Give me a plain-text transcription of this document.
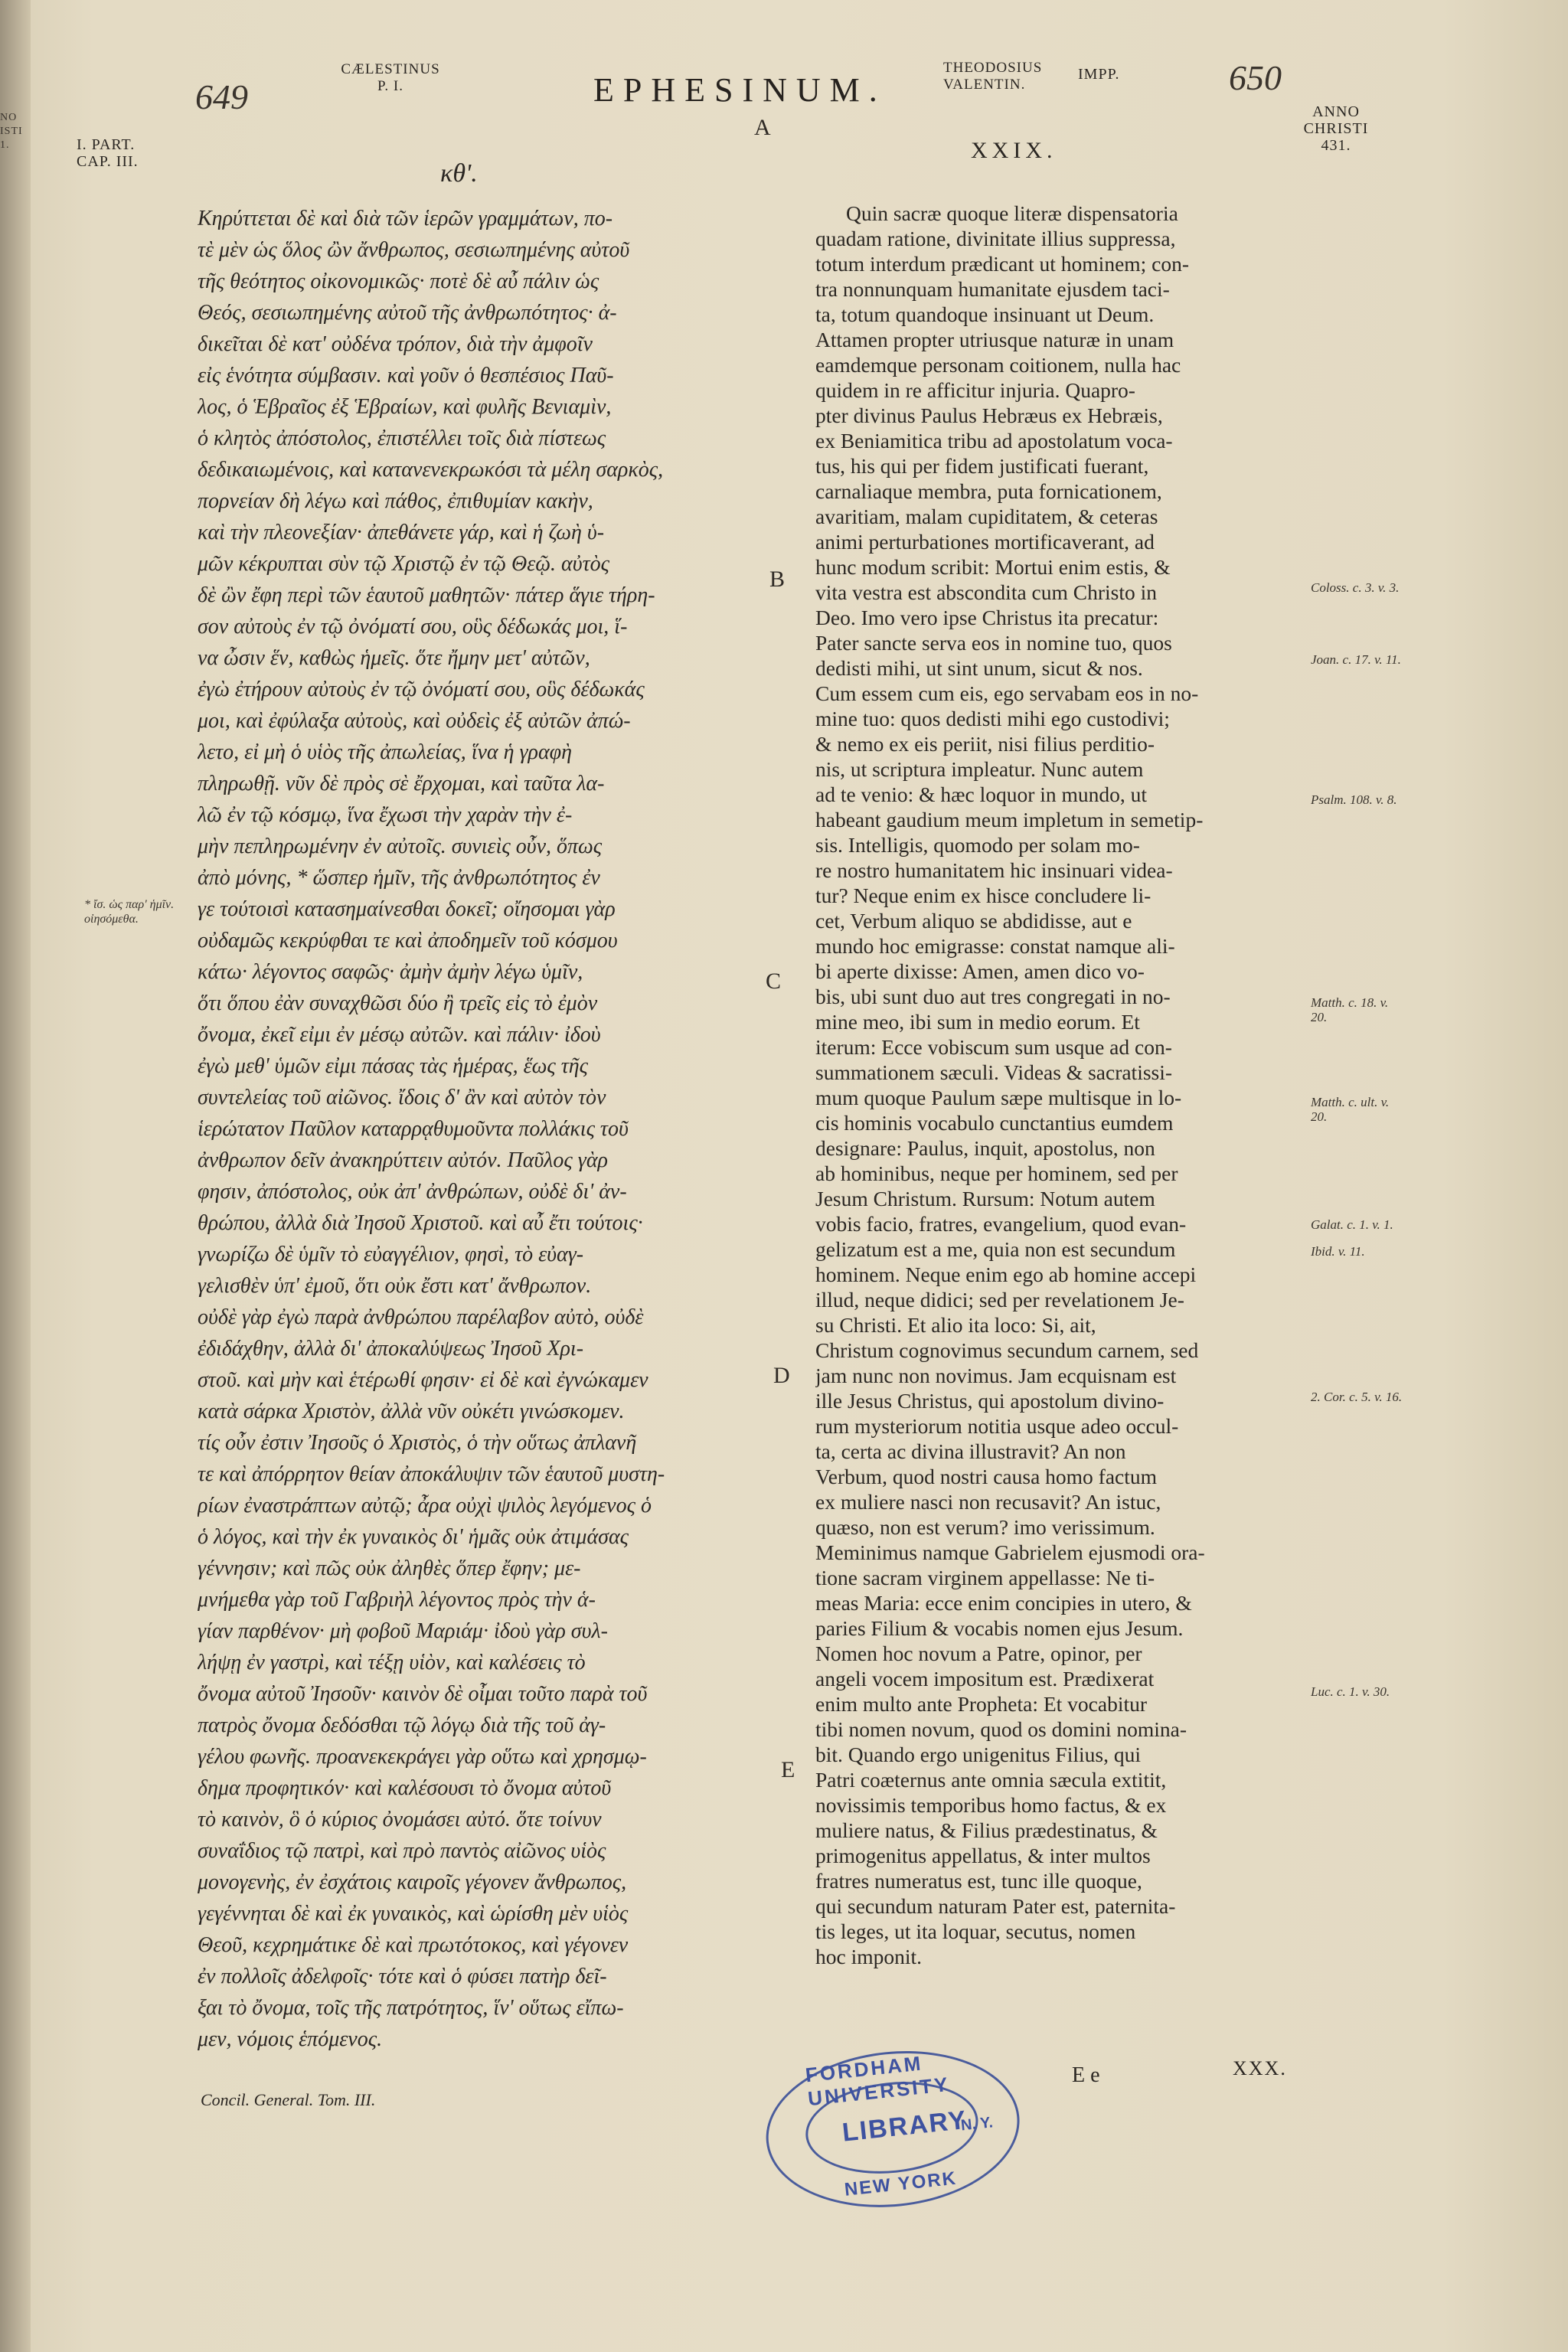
NO
ISTI
1.
649
CÆLESTINUS
P. I.	EPHESINUM.
THEODOSIUS
VALENTIN.
IMPP.	650
I. PART.
CAP. III.
ANNO
CHRISTI
431.
A
B
C
D
E
κθ'.
* ἴσ. ὡς παρ' ἡμῖν.
οἰησόμεθα.
Κηρύττεται δὲ καὶ διὰ τῶν ἱερῶν γραμμάτων, πο-
τὲ μὲν ὡς ὅλος ὢν ἄνθρωπος, σεσιωπημένης αὐτοῦ
τῆς θεότητος οἰκονομικῶς· ποτὲ δὲ αὖ πάλιν ὡς
Θεός, σεσιωπημένης αὐτοῦ τῆς ἀνθρωπότητος· ἀ-
δικεῖται δὲ κατ' οὐδένα τρόπον, διὰ τὴν ἀμφοῖν
εἰς ἑνότητα σύμβασιν. καὶ γοῦν ὁ θεσπέσιος Παῦ-
λος, ὁ Ἑβραῖος ἐξ Ἑβραίων, καὶ φυλῆς Βενιαμὶν,
ὁ κλητὸς ἀπόστολος, ἐπιστέλλει τοῖς διὰ πίστεως
δεδικαιωμένοις, καὶ κατανενεκρωκόσι τὰ μέλη σαρκὸς,
πορνείαν δὴ λέγω καὶ πάθος, ἐπιθυμίαν κακὴν,
καὶ τὴν πλεονεξίαν· ἀπεθάνετε γάρ, καὶ ἡ ζωὴ ὑ-
μῶν κέκρυπται σὺν τῷ Χριστῷ ἐν τῷ Θεῷ. αὐτὸς
δὲ ὢν ἔφη περὶ τῶν ἑαυτοῦ μαθητῶν· πάτερ ἅγιε τήρη-
σον αὐτοὺς ἐν τῷ ὀνόματί σου, οὓς δέδωκάς μοι, ἵ-
να ὦσιν ἕν, καθὼς ἡμεῖς. ὅτε ἤμην μετ' αὐτῶν,
ἐγὼ ἐτήρουν αὐτοὺς ἐν τῷ ὀνόματί σου, οὓς δέδωκάς
μοι, καὶ ἐφύλαξα αὐτοὺς, καὶ οὐδεὶς ἐξ αὐτῶν ἀπώ-
λετο, εἰ μὴ ὁ υἱὸς τῆς ἀπωλείας, ἵνα ἡ γραφὴ
πληρωθῇ. νῦν δὲ πρὸς σὲ ἔρχομαι, καὶ ταῦτα λα-
λῶ ἐν τῷ κόσμῳ, ἵνα ἔχωσι τὴν χαρὰν τὴν ἐ-
μὴν πεπληρωμένην ἐν αὐτοῖς. συνιεὶς οὖν, ὅπως
ἀπὸ μόνης, * ὥσπερ ἡμῖν, τῆς ἀνθρωπότητος ἐν
γε τούτοισὶ κατασημαίνεσθαι δοκεῖ; οἴησομαι γὰρ
οὐδαμῶς κεκρύφθαι τε καὶ ἀποδημεῖν τοῦ κόσμου
κάτω· λέγοντος σαφῶς· ἀμὴν ἀμὴν λέγω ὑμῖν,
ὅτι ὅπου ἐὰν συναχθῶσι δύο ἢ τρεῖς εἰς τὸ ἐμὸν
ὄνομα, ἐκεῖ εἰμι ἐν μέσῳ αὐτῶν. καὶ πάλιν· ἰδοὺ
ἐγὼ μεθ' ὑμῶν εἰμι πάσας τὰς ἡμέρας, ἕως τῆς
συντελείας τοῦ αἰῶνος. ἴδοις δ' ἂν καὶ αὐτὸν τὸν
ἱερώτατον Παῦλον καταρρᾳθυμοῦντα πολλάκις τοῦ
ἀνθρωπον δεῖν ἀνακηρύττειν αὐτόν. Παῦλος γὰρ
φησιν, ἀπόστολος, οὐκ ἀπ' ἀνθρώπων, οὐδὲ δι' ἀν-
θρώπου, ἀλλὰ διὰ Ἰησοῦ Χριστοῦ. καὶ αὖ ἔτι τούτοις·
γνωρίζω δὲ ὑμῖν τὸ εὐαγγέλιον, φησὶ, τὸ εὐαγ-
γελισθὲν ὑπ' ἐμοῦ, ὅτι οὐκ ἔστι κατ' ἄνθρωπον.
οὐδὲ γὰρ ἐγὼ παρὰ ἀνθρώπου παρέλαβον αὐτὸ, οὐδὲ
ἐδιδάχθην, ἀλλὰ δι' ἀποκαλύψεως Ἰησοῦ Χρι-
στοῦ. καὶ μὴν καὶ ἑτέρωθί φησιν· εἰ δὲ καὶ ἐγνώκαμεν
κατὰ σάρκα Χριστὸν, ἀλλὰ νῦν οὐκέτι γινώσκομεν.
τίς οὖν ἐστιν Ἰησοῦς ὁ Χριστὸς, ὁ τὴν οὕτως ἀπλανῆ
τε καὶ ἀπόρρητον θείαν ἀποκάλυψιν τῶν ἑαυτοῦ μυστη-
ρίων ἐναστράπτων αὐτῷ; ἆρα οὐχὶ ψιλὸς λεγόμενος ὁ
ὁ λόγος, καὶ τὴν ἐκ γυναικὸς δι' ἡμᾶς οὐκ ἀτιμάσας
γέννησιν; καὶ πῶς οὐκ ἀληθὲς ὅπερ ἔφην; με-
μνήμεθα γὰρ τοῦ Γαβριὴλ λέγοντος πρὸς τὴν ἁ-
γίαν παρθένον· μὴ φοβοῦ Μαριάμ· ἰδοὺ γὰρ συλ-
λήψῃ ἐν γαστρὶ, καὶ τέξῃ υἱὸν, καὶ καλέσεις τὸ
ὄνομα αὐτοῦ Ἰησοῦν· καινὸν δὲ οἶμαι τοῦτο παρὰ τοῦ
πατρὸς ὄνομα δεδόσθαι τῷ λόγῳ διὰ τῆς τοῦ ἀγ-
γέλου φωνῆς. προανεκεκράγει γὰρ οὕτω καὶ χρησμῳ-
δημα προφητικόν· καὶ καλέσουσι τὸ ὄνομα αὐτοῦ
τὸ καινὸν, ὃ ὁ κύριος ὀνομάσει αὐτό. ὅτε τοίνυν
συναΐδιος τῷ πατρὶ, καὶ πρὸ παντὸς αἰῶνος υἱὸς
μονογενὴς, ἐν ἐσχάτοις καιροῖς γέγονεν ἄνθρωπος,
γεγέννηται δὲ καὶ ἐκ γυναικὸς, καὶ ὡρίσθη μὲν υἱὸς
Θεοῦ, κεχρημάτικε δὲ καὶ πρωτότοκος, καὶ γέγονεν
ἐν πολλοῖς ἀδελφοῖς· τότε καὶ ὁ φύσει πατὴρ δεῖ-
ξαι τὸ ὄνομα, τοῖς τῆς πατρότητος, ἵν' οὕτως εἴπω-
μεν, νόμοις ἑπόμενος.
XXIX.
Quin sacræ quoque literæ dispensatoria
quadam ratione, divinitate illius suppressa,
totum interdum prædicant ut hominem; con-
tra nonnunquam humanitate ejusdem taci-
ta, totum quandoque insinuant ut Deum.
Attamen propter utriusque naturæ in unam
eamdemque personam coitionem, nulla hac
quidem in re afficitur injuria. Quapro-
pter divinus Paulus Hebræus ex Hebræis,
ex Beniamitica tribu ad apostolatum voca-
tus, his qui per fidem justificati fuerant,
carnaliaque membra, puta fornicationem,
avaritiam, malam cupiditatem, & ceteras
animi perturbationes mortificaverant, ad
hunc modum scribit: Mortui enim estis, &
vita vestra est abscondita cum Christo in
Deo. Imo vero ipse Christus ita precatur:
Pater sancte serva eos in nomine tuo, quos
dedisti mihi, ut sint unum, sicut & nos.
Cum essem cum eis, ego servabam eos in no-
mine tuo: quos dedisti mihi ego custodivi;
& nemo ex eis periit, nisi filius perditio-
nis, ut scriptura impleatur. Nunc autem
ad te venio: & hæc loquor in mundo, ut
habeant gaudium meum impletum in semetip-
sis. Intelligis, quomodo per solam mo-
re nostro humanitatem hic insinuari videa-
tur? Neque enim ex hisce concludere li-
cet, Verbum aliquo se abdidisse, aut e
mundo hoc emigrasse: constat namque ali-
bi aperte dixisse: Amen, amen dico vo-
bis, ubi sunt duo aut tres congregati in no-
mine meo, ibi sum in medio eorum. Et
iterum: Ecce vobiscum sum usque ad con-
summationem sæculi. Videas & sacratissi-
mum quoque Paulum sæpe multisque in lo-
cis hominis vocabulo cunctantius eumdem
designare: Paulus, inquit, apostolus, non
ab hominibus, neque per hominem, sed per
Jesum Christum. Rursum: Notum autem
vobis facio, fratres, evangelium, quod evan-
gelizatum est a me, quia non est secundum
hominem. Neque enim ego ab homine accepi
illud, neque didici; sed per revelationem Je-
su Christi. Et alio ita loco: Si, ait,
Christum cognovimus secundum carnem, sed
jam nunc non novimus. Jam ecquisnam est
ille Jesus Christus, qui apostolum divino-
rum mysteriorum notitia usque adeo occul-
ta, certa ac divina illustravit? An non
Verbum, quod nostri causa homo factum
ex muliere nasci non recusavit? An istuc,
quæso, non est verum? imo verissimum.
Meminimus namque Gabrielem ejusmodi ora-
tione sacram virginem appellasse: Ne ti-
meas Maria: ecce enim concipies in utero, &
paries Filium & vocabis nomen ejus Jesum.
Nomen hoc novum a Patre, opinor, per
angeli vocem impositum est. Prædixerat
enim multo ante Propheta: Et vocabitur
tibi nomen novum, quod os domini nomina-
bit. Quando ergo unigenitus Filius, qui
Patri coæternus ante omnia sæcula extitit,
novissimis temporibus homo factus, & ex
muliere natus, & Filius prædestinatus, &
primogenitus appellatus, & inter multos
fratres numeratus est, tunc ille quoque,
qui secundum naturam Pater est, paternita-
tis leges, ut ita loquar, secutus, nomen
hoc imponit.
Coloss. c. 3. v. 3.
Joan. c. 17. v. 11.
Psalm. 108. v. 8.
Matth. c. 18. v. 20.
Matth. c. ult. v. 20.
Galat. c. 1. v. 1.
Ibid. v. 11.
2. Cor. c. 5. v. 16.
Luc. c. 1. v. 30.
Concil. General. Tom. III.
E e	XXX.
FORDHAM UNIVERSITY
LIBRARY
NEW YORK
N. Y.
